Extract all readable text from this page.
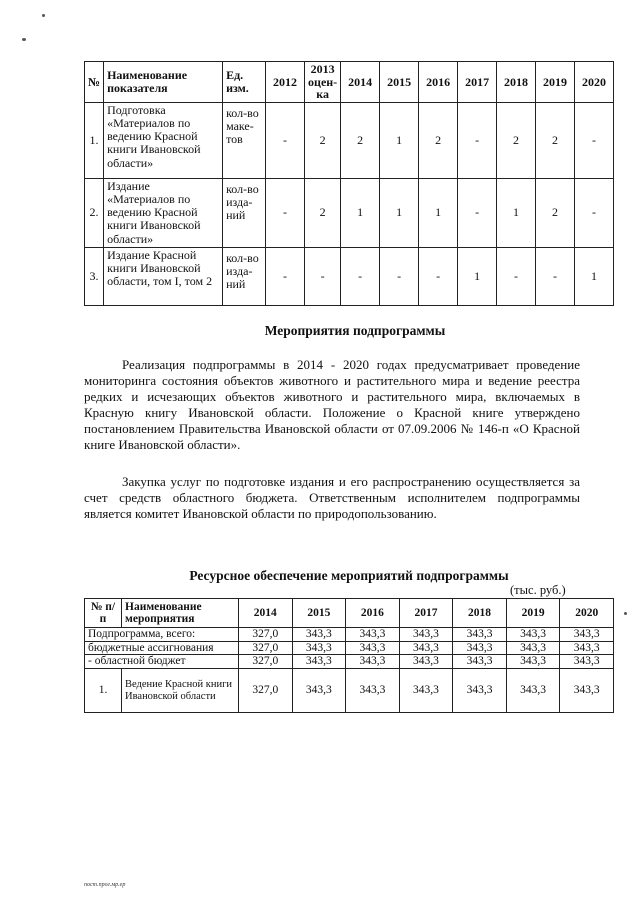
№	Наименование показателя	Ед. изм.	2012	2013 оцен-ка	2014	2015	2016	2017	2018	2019	2020
1.	Подготовка «Материалов по ведению Красной книги Ивановской области»	кол-во маке-тов	-	2	2	1	2	-	2	2	-
2.	Издание «Материалов по ведению Красной книги Ивановской области»	кол-во изда-ний	-	2	1	1	1	-	1	2	-
3.	Издание Красной книги Ивановской области, том I, том 2	кол-во изда-ний	-	-	-	-	-	1	-	-	1
Мероприятия подпрограммы

Реализация подпрограммы в 2014 - 2020 годах предусматривает проведение мониторинга состояния объектов животного и растительного мира и ведение реестра редких и исчезающих объектов животного и растительного мира, включаемых в Красную книгу Ивановской области. Положение о Красной книге утверждено постановлением Правительства Ивановской области от 07.09.2006 № 146-п «О Красной книге Ивановской области».

Закупка услуг по подготовке издания и его распространению осуществляется за счет средств областного бюджета. Ответственным исполнителем подпрограммы является комитет Ивановской области по природопользованию.

Ресурсное обеспечение мероприятий подпрограммы
(тыс. руб.)
№ п/п	Наименование мероприятия	2014	2015	2016	2017	2018	2019	2020
Подпрограмма, всего:		327,0	343,3	343,3	343,3	343,3	343,3	343,3
бюджетные ассигнования		327,0	343,3	343,3	343,3	343,3	343,3	343,3
- областной бюджет		327,0	343,3	343,3	343,3	343,3	343,3	343,3
1.	Ведение Красной книги Ивановской области	327,0	343,3	343,3	343,3	343,3	343,3	343,3
пост.прог.мр.ер
